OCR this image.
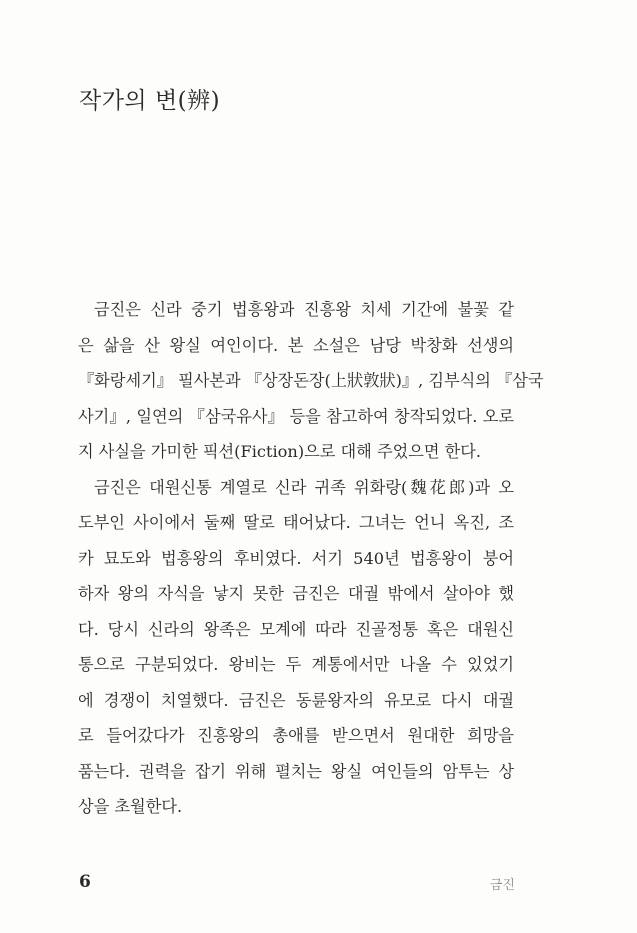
작가의 변(辨)
금진은 신라 중기 법흥왕과 진흥왕 치세 기간에 불꽃 같
은 삶을 산 왕실 여인이다. 본 소설은 남당 박창화 선생의
『화랑세기』 필사본과 『상장돈장(上狀敦狀)』, 김부식의 『삼국
사기』, 일연의 『삼국유사』 등을 참고하여 창작되었다. 오로
지 사실을 가미한 픽션(Fiction)으로 대해 주었으면 한다.
금진은 대원신통 계열로 신라 귀족 위화랑(魏花郎)과 오
도부인 사이에서 둘째 딸로 태어났다. 그녀는 언니 옥진, 조
카 묘도와 법흥왕의 후비였다. 서기 540년 법흥왕이 붕어
하자 왕의 자식을 낳지 못한 금진은 대궐 밖에서 살아야 했
다. 당시 신라의 왕족은 모계에 따라 진골정통 혹은 대원신
통으로 구분되었다. 왕비는 두 계통에서만 나올 수 있었기
에 경쟁이 치열했다. 금진은 동륜왕자의 유모로 다시 대궐
로 들어갔다가 진흥왕의 총애를 받으면서 원대한 희망을
품는다. 권력을 잡기 위해 펼치는 왕실 여인들의 암투는 상
상을 초월한다.
6	금진
